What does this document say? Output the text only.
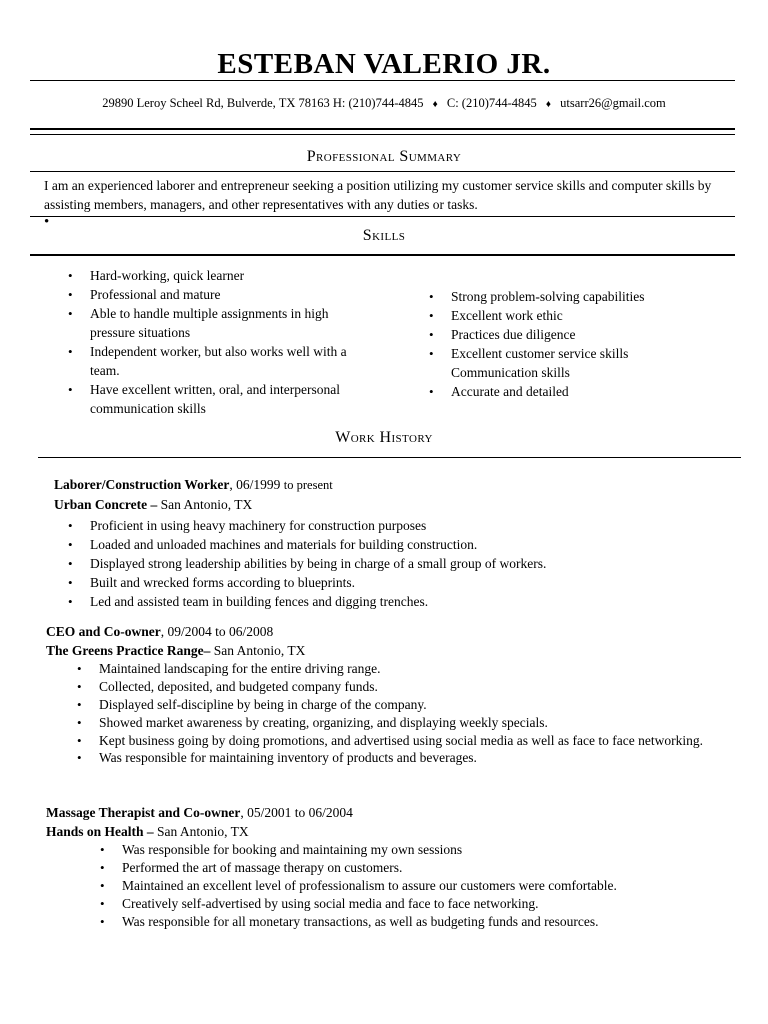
ESTEBAN VALERIO JR.
29890 Leroy Scheel Rd, Bulverde, TX 78163 H: (210)744-4845 ♦ C: (210)744-4845 ♦ utsarr26@gmail.com
Professional Summary
I am an experienced laborer and entrepreneur seeking a position utilizing my customer service skills and computer skills by assisting members, managers, and other representatives with any duties or tasks.
•
Skills
• Hard-working, quick learner
• Professional and mature
• Able to handle multiple assignments in high pressure situations
• Independent worker, but also works well with a team.
• Have excellent written, oral, and interpersonal communication skills
• Strong problem-solving capabilities
• Excellent work ethic
• Practices due diligence
• Excellent customer service skills Communication skills
• Accurate and detailed
Work History
Laborer/Construction Worker, 06/1999 to present
Urban Concrete – San Antonio, TX
• Proficient in using heavy machinery for construction purposes
• Loaded and unloaded machines and materials for building construction.
• Displayed strong leadership abilities by being in charge of a small group of workers.
• Built and wrecked forms according to blueprints.
• Led and assisted team in building fences and digging trenches.
CEO and Co-owner, 09/2004 to 06/2008
The Greens Practice Range– San Antonio, TX
• Maintained landscaping for the entire driving range.
• Collected, deposited, and budgeted company funds.
• Displayed self-discipline by being in charge of the company.
• Showed market awareness by creating, organizing, and displaying weekly specials.
• Kept business going by doing promotions, and advertised using social media as well as face to face networking.
• Was responsible for maintaining inventory of products and beverages.
Massage Therapist and Co-owner, 05/2001 to 06/2004
Hands on Health – San Antonio, TX
• Was responsible for booking and maintaining my own sessions
• Performed the art of massage therapy on customers.
• Maintained an excellent level of professionalism to assure our customers were comfortable.
• Creatively self-advertised by using social media and face to face networking.
• Was responsible for all monetary transactions, as well as budgeting funds and resources.
